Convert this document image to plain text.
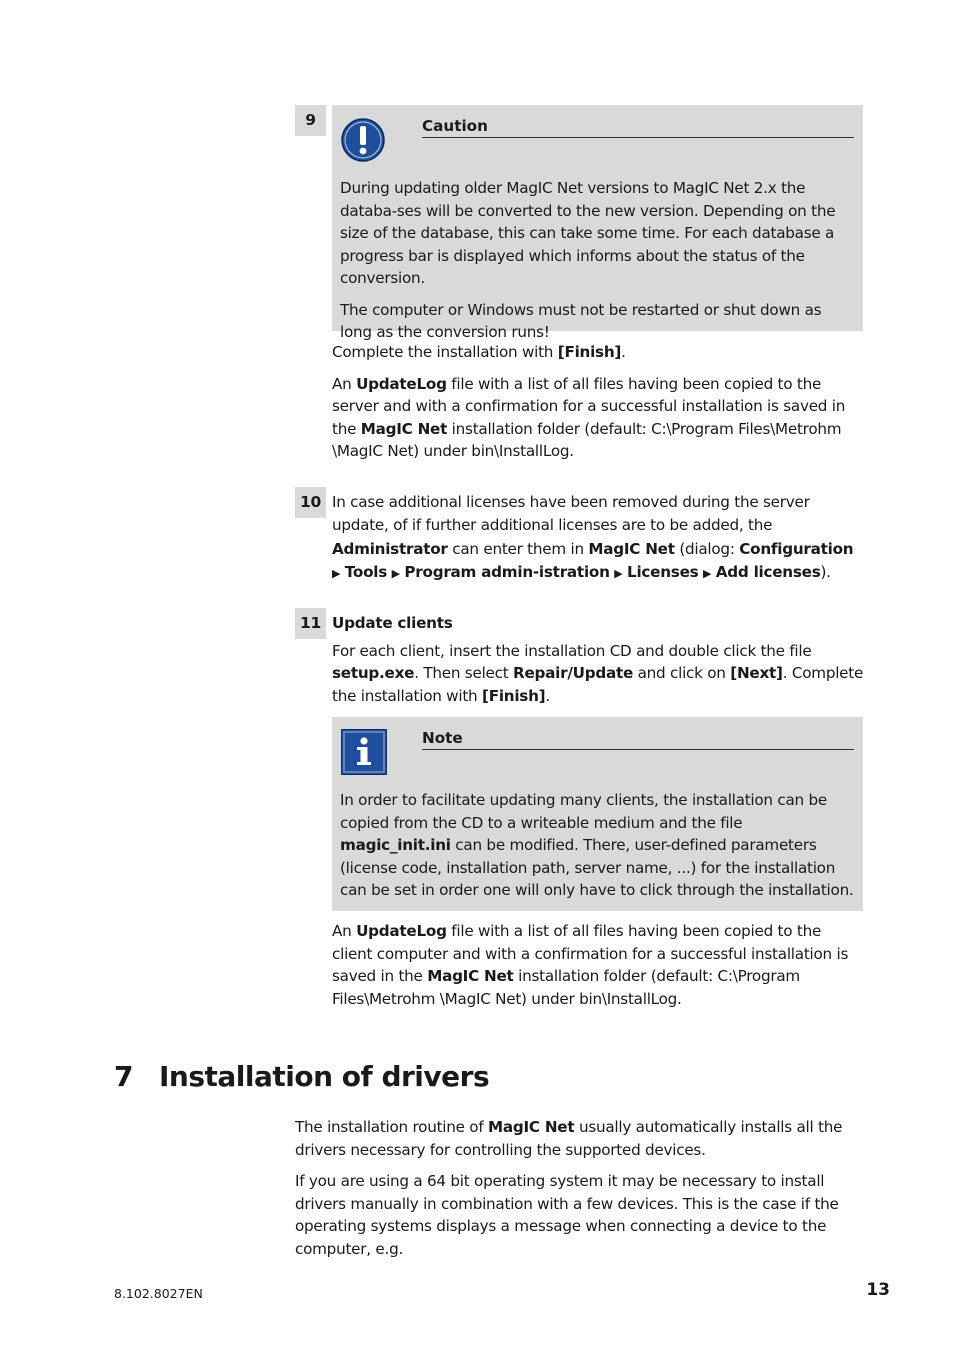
9	Caution

During updating older MagIC Net versions to MagIC Net 2.x the databa-ses will be converted to the new version. Depending on the size of the database, this can take some time. For each database a progress bar is displayed which informs about the status of the conversion.

The computer or Windows must not be restarted or shut down as long as the conversion runs!

Complete the installation with [Finish].

An UpdateLog file with a list of all files having been copied to the server and with a confirmation for a successful installation is saved in the MagIC Net installation folder (default: C:\Program Files\Metrohm \MagIC Net) under bin\InstallLog.

10 In case additional licenses have been removed during the server update, of if further additional licenses are to be added, the Administrator can enter them in MagIC Net (dialog: Configuration ▶ Tools ▶ Program admin-istration ▶ Licenses ▶ Add licenses).

11 Update clients

For each client, insert the installation CD and double click the file setup.exe. Then select Repair/Update and click on [Next]. Complete the installation with [Finish].

Note

In order to facilitate updating many clients, the installation can be copied from the CD to a writeable medium and the file magic_init.ini can be modified. There, user-defined parameters (license code, installation path, server name, ...) for the installation can be set in order one will only have to click through the installation.

An UpdateLog file with a list of all files having been copied to the client computer and with a confirmation for a successful installation is saved in the MagIC Net installation folder (default: C:\Program Files\Metrohm \MagIC Net) under bin\InstallLog.

7 Installation of drivers

The installation routine of MagIC Net usually automatically installs all the drivers necessary for controlling the supported devices.

If you are using a 64 bit operating system it may be necessary to install drivers manually in combination with a few devices. This is the case if the operating systems displays a message when connecting a device to the computer, e.g.

8.102.8027EN	13
